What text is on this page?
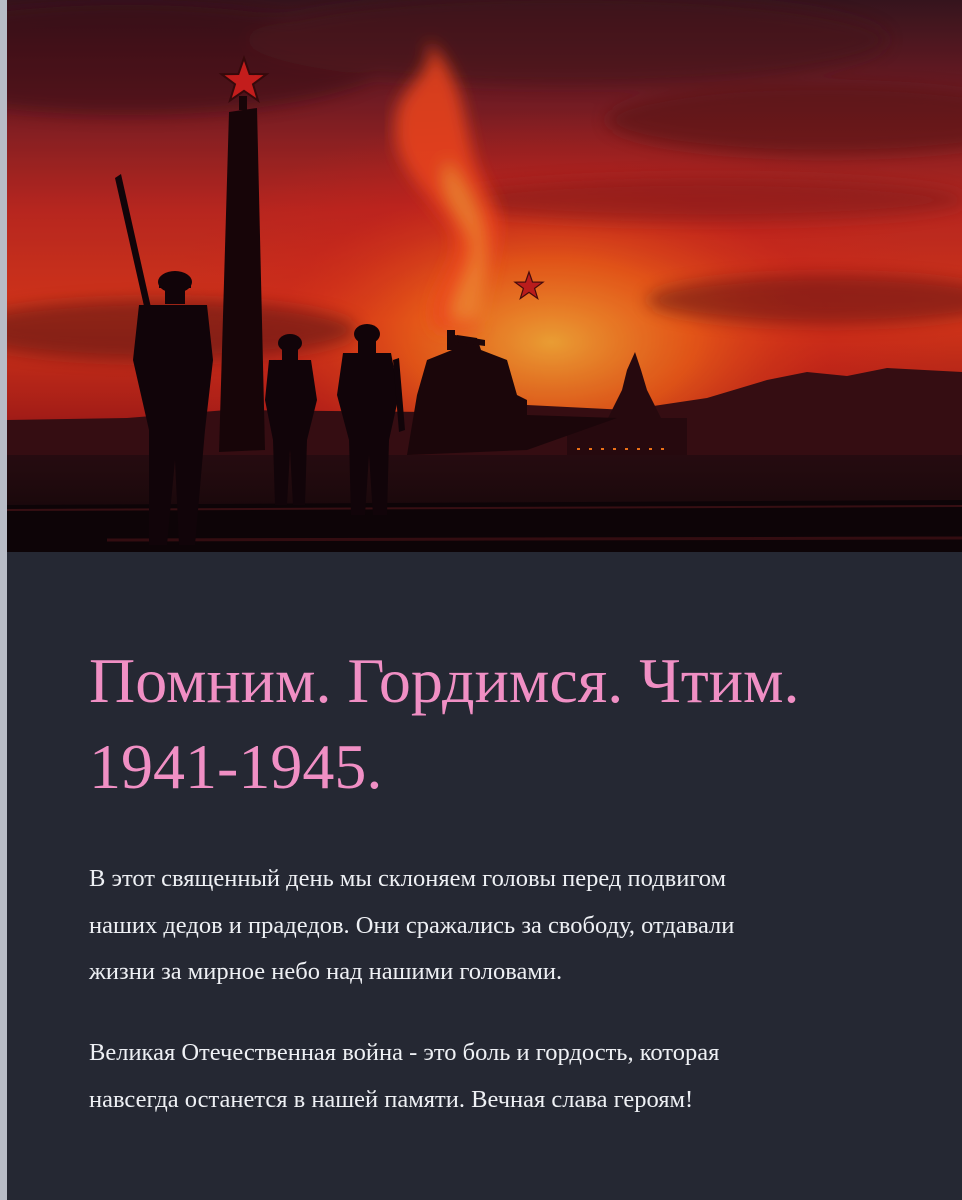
Помним. Гордимся. Чтим.
1941-1945.

В этот священный день мы склоняем головы перед подвигом
наших дедов и прадедов. Они сражались за свободу, отдавали
жизни за мирное небо над нашими головами.

Великая Отечественная война - это боль и гордость, которая
навсегда останется в нашей памяти. Вечная слава героям!
